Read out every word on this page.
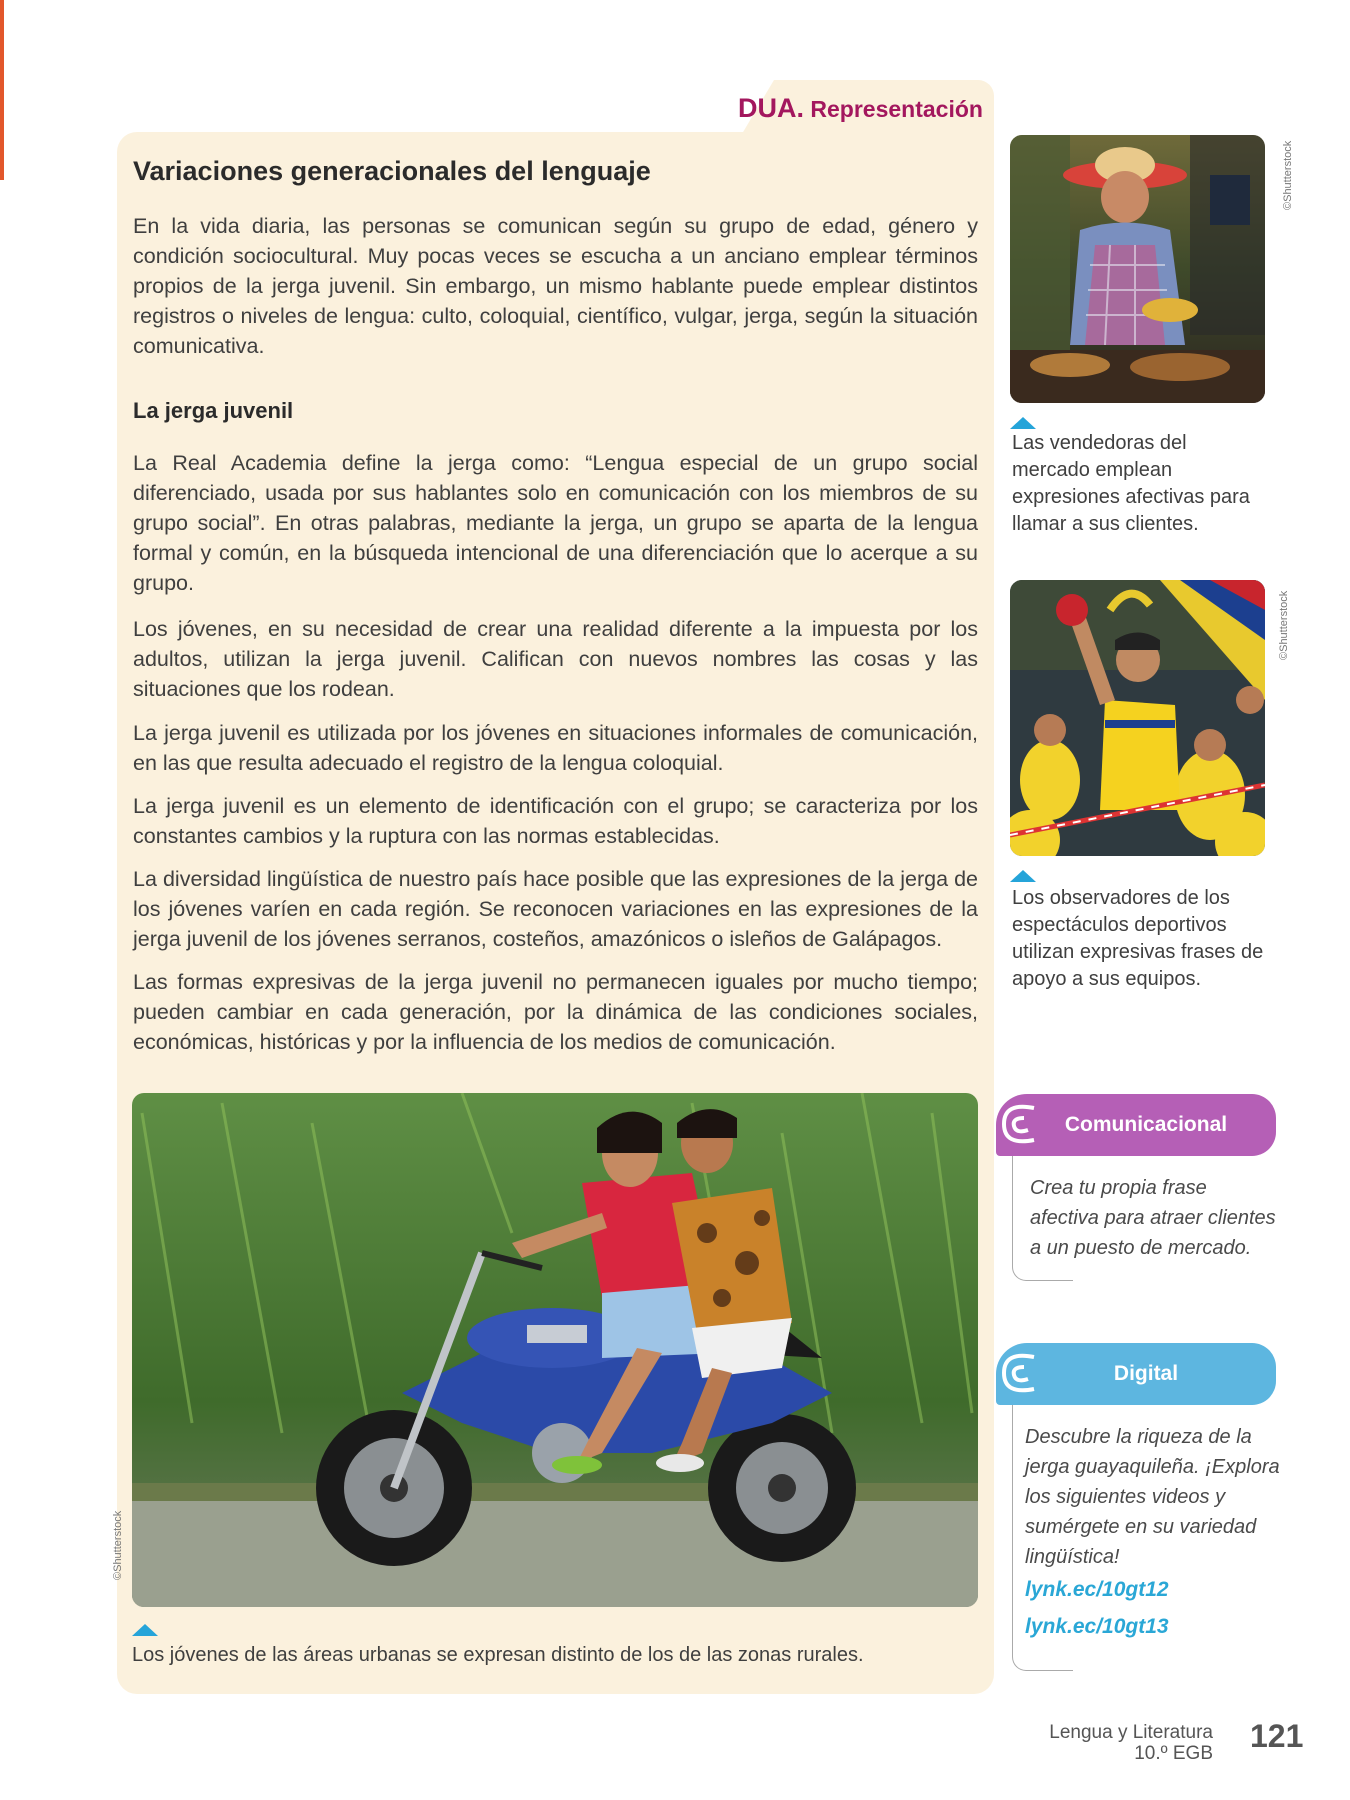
DUA. Representación
Variaciones generacionales del lenguaje

En la vida diaria, las personas se comunican según su grupo de edad, género y condición sociocultural. Muy pocas veces se escucha a un anciano emplear términos propios de la jerga juvenil. Sin embargo, un mismo hablante puede emplear distintos registros o niveles de lengua: culto, coloquial, científico, vulgar, jerga, según la situación comunicativa.

La jerga juvenil

La Real Academia define la jerga como: “Lengua especial de un grupo social diferenciado, usada por sus hablantes solo en comunicación con los miembros de su grupo social”. En otras palabras, mediante la jerga, un grupo se aparta de la lengua formal y común, en la búsqueda intencional de una diferenciación que lo acerque a su grupo.

Los jóvenes, en su necesidad de crear una realidad diferente a la impuesta por los adultos, utilizan la jerga juvenil. Califican con nuevos nombres las cosas y las situaciones que los rodean.

La jerga juvenil es utilizada por los jóvenes en situaciones informales de comunicación, en las que resulta adecuado el registro de la lengua coloquial.

La jerga juvenil es un elemento de identificación con el grupo; se caracteriza por los constantes cambios y la ruptura con las normas establecidas.

La diversidad lingüística de nuestro país hace posible que las expresiones de la jerga de los jóvenes varíen en cada región. Se reconocen variaciones en las expresiones de la jerga juvenil de los jóvenes serranos, costeños, amazónicos o isleños de Galápagos.

Las formas expresivas de la jerga juvenil no permanecen iguales por mucho tiempo; pueden cambiar en cada generación, por la dinámica de las condiciones sociales, económicas, históricas y por la influencia de los medios de comunicación.

©Shutterstock

Las vendedoras del mercado emplean expresiones afectivas para llamar a sus clientes.

©Shutterstock

Los observadores de los espectáculos deportivos utilizan expresivas frases de apoyo a sus equipos.

©Shutterstock

Los jóvenes de las áreas urbanas se expresan distinto de los de las zonas rurales.

Comunicacional

Crea tu propia frase afectiva para atraer clientes a un puesto de mercado.

Digital

Descubre la riqueza de la jerga guayaquileña. ¡Explora los siguientes videos y sumérgete en su variedad lingüística!

lynk.ec/10gt12
lynk.ec/10gt13
Lengua y Literatura
10.º EGB 121
